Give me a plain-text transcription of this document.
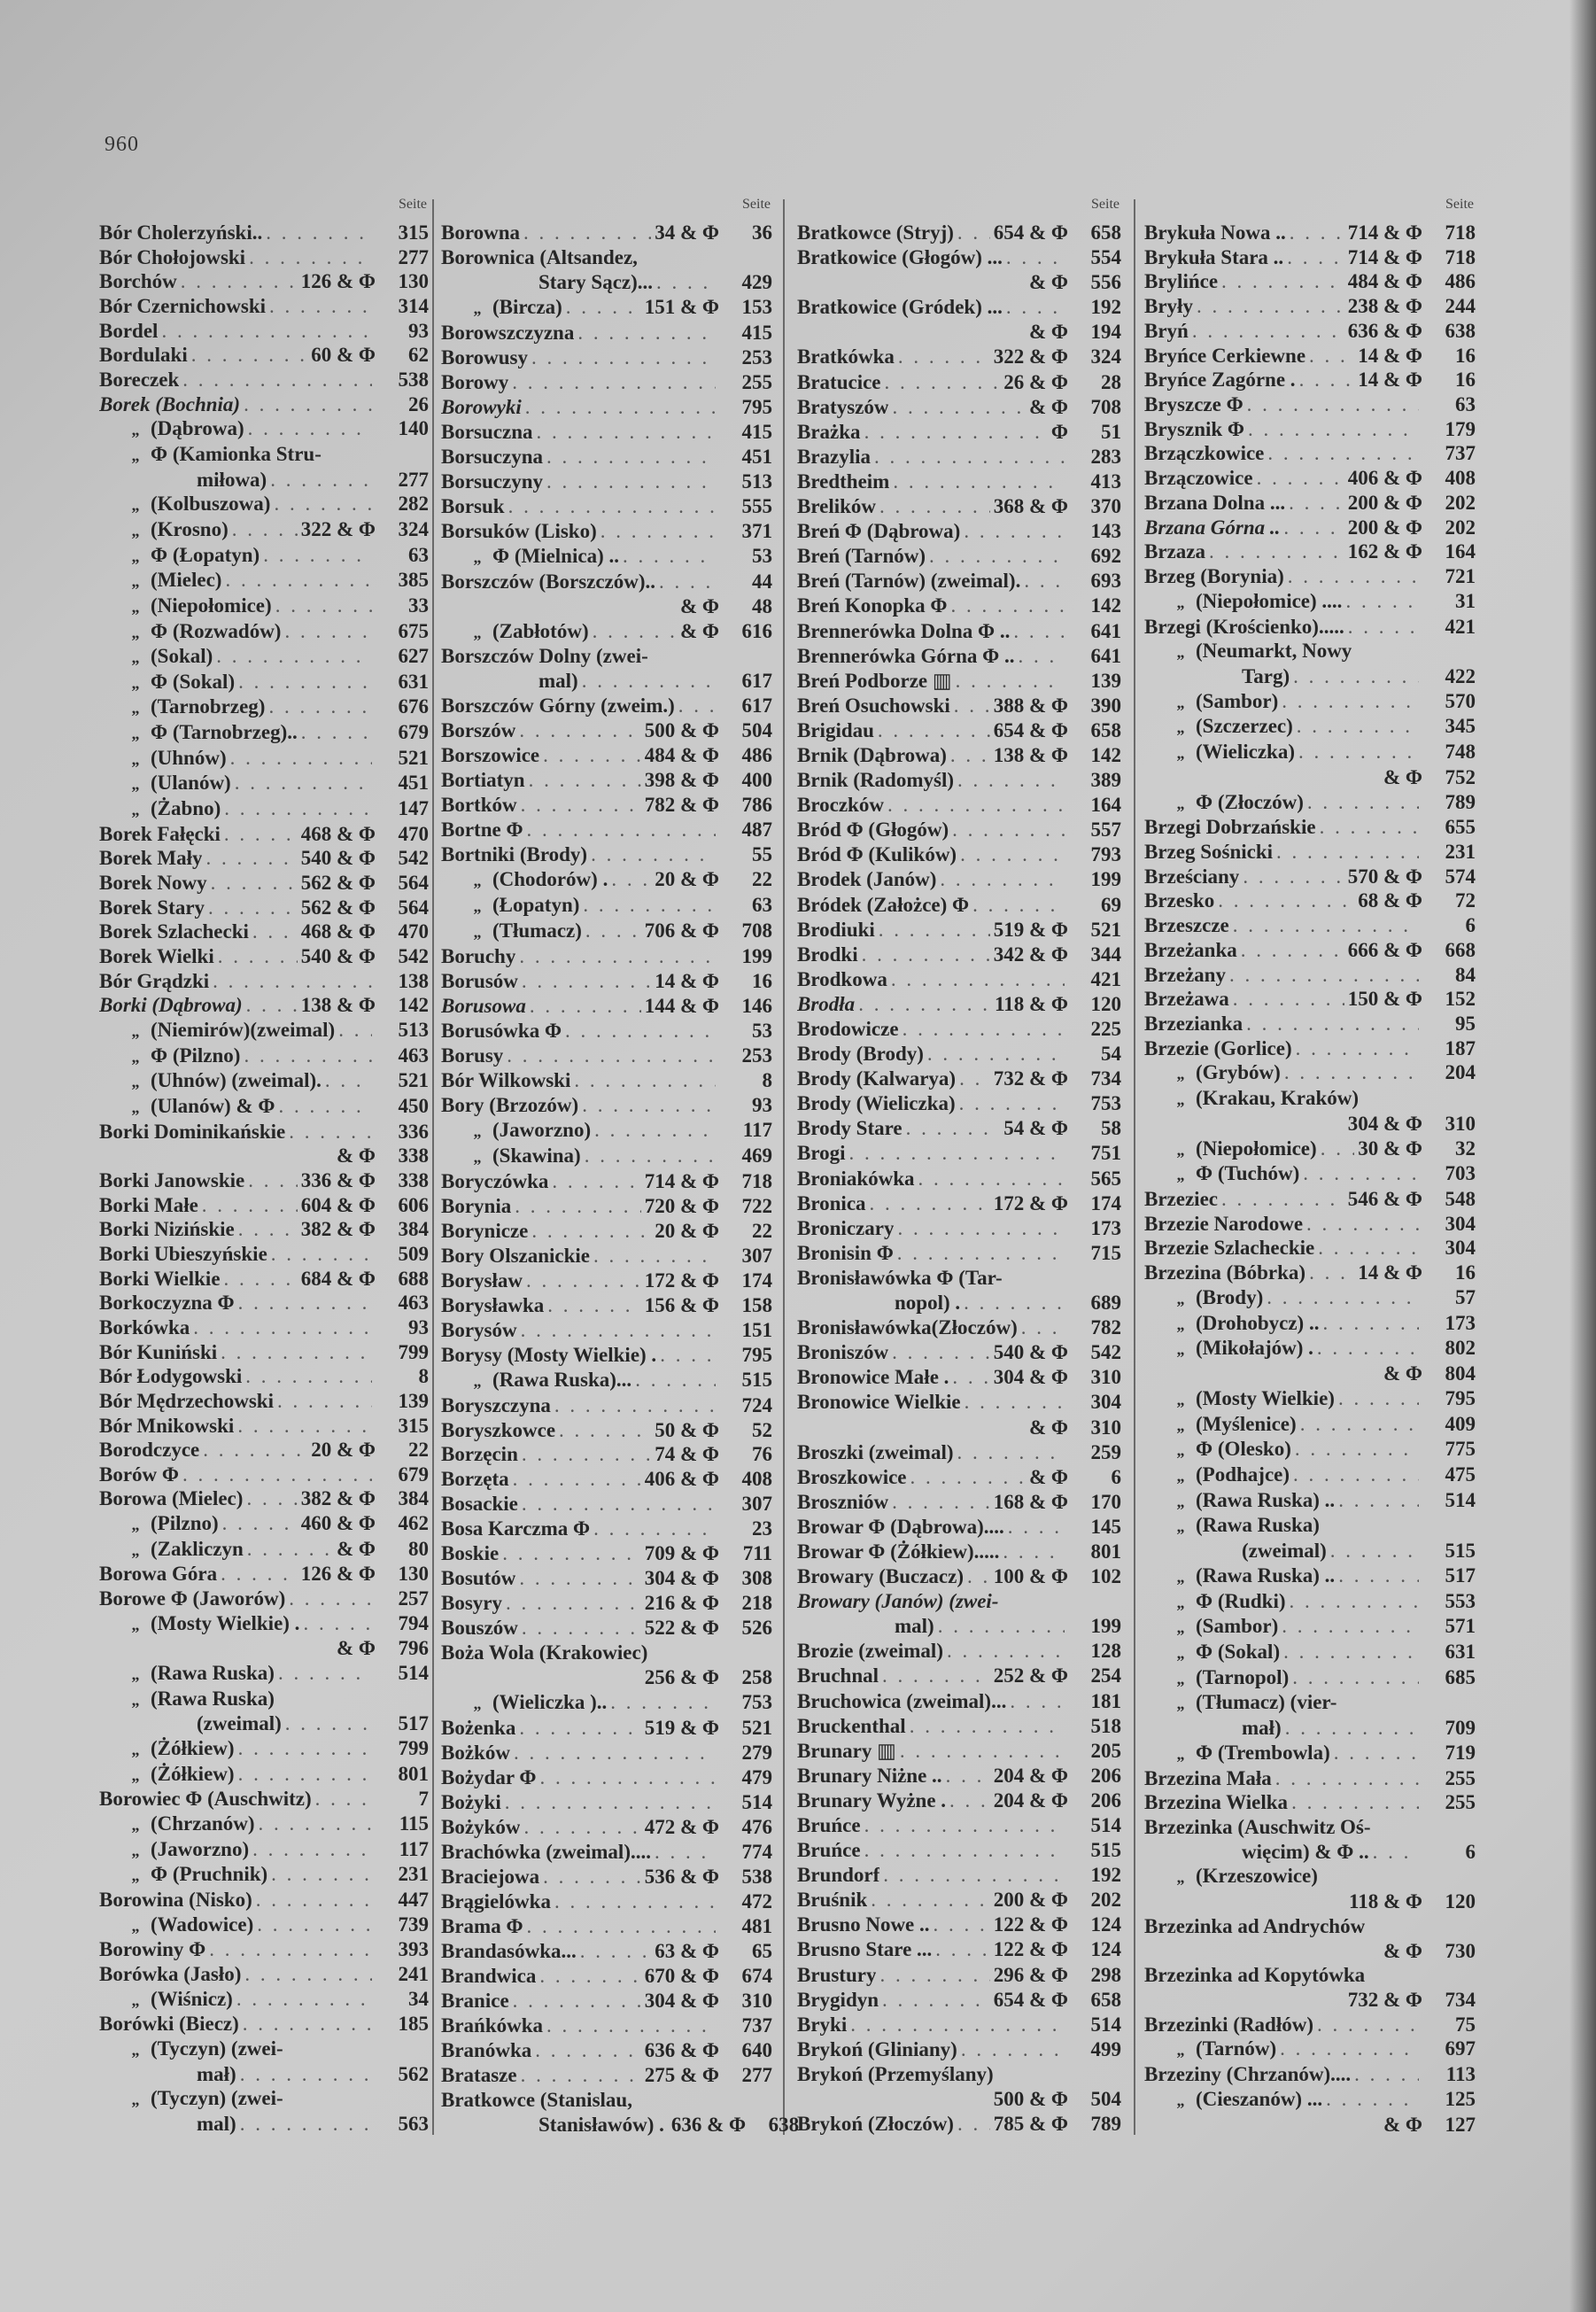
960
Seite
Bór Cholerzyński.. . . .	315
Bór Chołojowski . . .	277
Borchów . . .	126 & Φ	130
Bór Czernichowski . . .	314
Bordel . . .	93
Bordulaki . . .	60 & Φ	62
Boreczek . . .	538
Borek (Bochnia) . . .	26
„ (Dąbrowa) . . .	140
„ Φ (Kamionka Stru-
miłowa) . . .	277
„ (Kolbuszowa) . . .	282
„ (Krosno) . . .	322 & Φ	324
„ Φ (Łopatyn) . . .	63
„ (Mielec) . . .	385
„ (Niepołomice) . . .	33
„ Φ (Rozwadów) . . .	675
„ (Sokal) . . .	627
„ Φ (Sokal) . . .	631
„ (Tarnobrzeg) . . .	676
„ Φ (Tarnobrzeg).. . . .	679
„ (Uhnów) . . .	521
„ (Ulanów) . . .	451
„ (Żabno) . . .	147
Borek Fałęcki . . .	468 & Φ	470
Borek Mały . . .	540 & Φ	542
Borek Nowy . . .	562 & Φ	564
Borek Stary . . .	562 & Φ	564
Borek Szlachecki . . .	468 & Φ	470
Borek Wielki . . .	540 & Φ	542
Bór Grądzki . . .	138
Borki (Dąbrowa) . . .	138 & Φ	142
„ (Niemirów)(zweimal) . . .	513
„ Φ (Pilzno) . . .	463
„ (Uhnów) (zweimal). . . .	521
„ (Ulanów) & Φ . . .	450
Borki Dominikańskie . . .	336
& Φ	338
Borki Janowskie . . .	336 & Φ	338
Borki Małe . . .	604 & Φ	606
Borki Nizińskie . . .	382 & Φ	384
Borki Ubieszyńskie . . .	509
Borki Wielkie . . .	684 & Φ	688
Borkoczyzna Φ . . .	463
Borkówka . . .	93
Bór Kuniński . . .	799
Bór Łodygowski . . .	8
Bór Mędrzechowski . . .	139
Bór Mnikowski . . .	315
Borodczyce . . .	20 & Φ	22
Borów Φ . . .	679
Borowa (Mielec) . . .	382 & Φ	384
„ (Pilzno) . . .	460 & Φ	462
„ (Zakliczyn . . .	& Φ	80
Borowa Góra . . .	126 & Φ	130
Borowe Φ (Jaworów) . . .	257
„ (Mosty Wielkie) . . . .	794
& Φ	796
„ (Rawa Ruska) . . .	514
„ (Rawa Ruska)
(zweimal) . . .	517
„ (Żółkiew) . . .	799
„ (Żółkiew) . . .	801
Borowiec Φ (Auschwitz) . . .	7
„ (Chrzanów) . . .	115
„ (Jaworzno) . . .	117
„ Φ (Pruchnik) . . .	231
Borowina (Nisko) . . .	447
„ (Wadowice) . . .	739
Borowiny Φ . . .	393
Borówka (Jasło) . . .	241
„ (Wiśnicz) . . .	34
Borówki (Biecz) . . .	185
„ (Tyczyn) (zwei-
mał) . . .	562
„ (Tyczyn) (zwei-
mal) . . .	563
Seite
Borowna . . .	34 & Φ	36
Borownica (Altsandez,
Stary Sącz)... . . .	429
„ (Bircza) . . .	151 & Φ	153
Borowszczyzna . . .	415
Borowusy . . .	253
Borowy . . .	255
Borowyki . . .	795
Borsuczna . . .	415
Borsuczyna . . .	451
Borsuczyny . . .	513
Borsuk . . .	555
Borsuków (Lisko) . . .	371
„ Φ (Mielnica) .. . . .	53
Borszczów (Borszczów).. . . .	44
& Φ	48
„ (Zabłotów) . . .	& Φ	616
Borszczów Dolny (zwei-
mal) . . .	617
Borszczów Górny (zweim.) . . .	617
Borszów . . .	500 & Φ	504
Borszowice . . .	484 & Φ	486
Bortiatyn . . .	398 & Φ	400
Bortków . . .	782 & Φ	786
Bortne Φ . . .	487
Bortniki (Brody) . . .	55
„ (Chodorów) . . . . 20 & Φ	22
„ (Łopatyn) . . .	63
„ (Tłumacz) . . .	706 & Φ	708
Boruchy . . .	199
Borusów . . .	14 & Φ	16
Borusowa . . .	144 & Φ	146
Borusówka Φ . . .	53
Borusy . . .	253
Bór Wilkowski . . .	8
Bory (Brzozów) . . .	93
„ (Jaworzno) . . .	117
„ (Skawina) . . .	469
Boryczówka . . .	714 & Φ	718
Borynia . . .	720 & Φ	722
Borynicze . . .	20 & Φ	22
Bory Olszanickie . . .	307
Borysław . . .	172 & Φ	174
Borysławka . . .	156 & Φ	158
Borysów . . .	151
Borysy (Mosty Wielkie) . . . .	795
„ (Rawa Ruska)... . . .	515
Boryszczyna . . .	724
Boryszkowce . . .	50 & Φ	52
Borzęcin . . .	74 & Φ	76
Borzęta . . .	406 & Φ	408
Bosackie . . .	307
Bosa Karczma Φ . . .	23
Boskie . . .	709 & Φ	711
Bosutów . . .	304 & Φ	308
Bosyry . . .	216 & Φ	218
Bouszów . . .	522 & Φ	526
Boża Wola (Krakowiec)
256 & Φ	258
„ (Wieliczka ).. . . .	753
Bożenka . . .	519 & Φ	521
Bożków . . .	279
Bożydar Φ . . .	479
Bożyki . . .	514
Bożyków . . .	472 & Φ	476
Brachówka (zweimal).... . . .	774
Braciejowa . . .	536 & Φ	538
Brągielówka . . .	472
Brama Φ . . .	481
Brandasówka... . . .	63 & Φ	65
Brandwica . . .	670 & Φ	674
Branice . . .	304 & Φ	310
Brańkówka . . .	737
Branówka . . .	636 & Φ	640
Bratasze . . .	275 & Φ	277
Bratkowce (Stanislau,
Stanisławów) . 636 & Φ	638
Seite
Bratkowce (Stryj) . . . 654 & Φ	658
Bratkowice (Głogów) ... . . .	554
& Φ	556
Bratkowice (Gródek) ... . . .	192
& Φ	194
Bratkówka . . .	322 & Φ	324
Bratucice . . .	26 & Φ	28
Bratyszów . . .	& Φ	708
Brażka . . .	Φ	51
Brazylia . . .	283
Bredtheim . . .	413
Brelików . . .	368 & Φ	370
Breń Φ (Dąbrowa) . . .	143
Breń (Tarnów) . . .	692
Breń (Tarnów) (zweimal). . . .	693
Breń Konopka Φ . . .	142
Brennerówka Dolna Φ .. . . .	641
Brennerówka Górna Φ .. . . .	641
Breń Podborze ▥ . . .	139
Breń Osuchowski . . . 388 & Φ	390
Brigidau . . .	654 & Φ	658
Brnik (Dąbrowa) . . . 138 & Φ	142
Brnik (Radomyśl) . . .	389
Broczków . . .	164
Bród Φ (Głogów) . . .	557
Bród Φ (Kulików) . . .	793
Brodek (Janów) . . .	199
Bródek (Założce) Φ . . .	69
Brodiuki . . .	519 & Φ	521
Brodki . . .	342 & Φ	344
Brodkowa . . .	421
Brodła . . .	118 & Φ	120
Brodowicze . . .	225
Brody (Brody) . . .	54
Brody (Kalwarya) . . . 732 & Φ	734
Brody (Wieliczka) . . .	753
Brody Stare . . .	54 & Φ	58
Brogi . . .	751
Broniakówka . . .	565
Bronica . . .	172 & Φ	174
Broniczary . . .	173
Bronisin Φ . . .	715
Bronisławówka Φ (Tar-
nopol) . . . .	689
Bronisławówka(Złoczów) . . .	782
Broniszów . . .	540 & Φ	542
Bronowice Małe . . . . 304 & Φ	310
Bronowice Wielkie . . .	304
& Φ	310
Broszki (zweimal) . . .	259
Broszkowice . . .	& Φ	6
Broszniów . . .	168 & Φ	170
Browar Φ (Dąbrowa).... . . .	145
Browar Φ (Żółkiew)..... . . .	801
Browary (Buczacz) . . . 100 & Φ	102
Browary (Janów) (zwei-
mal) . . .	199
Brozie (zweimal) . . .	128
Bruchnal . . .	252 & Φ	254
Bruchowica (zweimal)... . . .	181
Bruckenthal . . .	518
Brunary ▥ . . .	205
Brunary Niżne .. . . .	204 & Φ	206
Brunary Wyżne . . . . 204 & Φ	206
Bruńce . . .	514
Bruńce . . .	515
Brundorf . . .	192
Bruśnik . . .	200 & Φ	202
Brusno Nowe .. . . .	122 & Φ	124
Brusno Stare ... . . .	122 & Φ	124
Brustury . . .	296 & Φ	298
Brygidyn . . .	654 & Φ	658
Bryki . . .	514
Brykoń (Gliniany) . . .	499
Brykoń (Przemyślany)
500 & Φ	504
Brykoń (Złoczów) . . . 785 & Φ	789
Seite
Brykuła Nowa .. . . .	714 & Φ	718
Brykuła Stara .. . . .	714 & Φ	718
Brylińce . . .	484 & Φ	486
Bryły . . .	238 & Φ	244
Bryń . . .	636 & Φ	638
Bryńce Cerkiewne . . .	14 & Φ	16
Bryńce Zagórne . . . .	14 & Φ	16
Bryszcze Φ . . .	63
Brysznik Φ . . .	179
Brzączkowice . . .	737
Brzączowice . . .	406 & Φ	408
Brzana Dolna ... . . .	200 & Φ	202
Brzana Górna .. . . .	200 & Φ	202
Brzaza . . .	162 & Φ	164
Brzeg (Borynia) . . .	721
„ (Niepołomice) .... . . .	31
Brzegi (Krościenko)..... . . .	421
„ (Neumarkt, Nowy
Targ) . . .	422
„ (Sambor) . . .	570
„ (Szczerzec) . . .	345
„ (Wieliczka) . . .	748
& Φ	752
„ Φ (Złoczów) . . .	789
Brzegi Dobrzańskie . . .	655
Brzeg Sośnicki . . .	231
Brześciany . . .	570 & Φ	574
Brzesko . . .	68 & Φ	72
Brzeszcze . . .	6
Brzeżanka . . .	666 & Φ	668
Brzeżany . . .	84
Brzeżawa . . .	150 & Φ	152
Brzezianka . . .	95
Brzezie (Gorlice) . . .	187
„ (Grybów) . . .	204
„ (Krakau, Kraków)
304 & Φ	310
„ (Niepołomice) . . . 30 & Φ	32
„ Φ (Tuchów) . . .	703
Brzeziec . . .	546 & Φ	548
Brzezie Narodowe . . .	304
Brzezie Szlacheckie . . .	304
Brzezina (Bóbrka) . . .	14 & Φ	16
„ (Brody) . . .	57
„ (Drohobycz) .. . . .	173
„ (Mikołajów) . . . .	802
& Φ	804
„ (Mosty Wielkie) . . .	795
„ (Myślenice) . . .	409
„ Φ (Olesko) . . .	775
„ (Podhajce) . . .	475
„ (Rawa Ruska) .. . . .	514
„ (Rawa Ruska)
(zweimal) . . .	515
„ (Rawa Ruska) .. . . .	517
„ Φ (Rudki) . . .	553
„ (Sambor) . . .	571
„ Φ (Sokal) . . .	631
„ (Tarnopol) . . .	685
„ (Tłumacz) (vier-
mał) . . .	709
„ Φ (Trembowla) . . .	719
Brzezina Mała . . .	255
Brzezina Wielka . . .	255
Brzezinka (Auschwitz Oś-
więcim) & Φ .. . . .	6
„ (Krzeszowice)
118 & Φ	120
Brzezinka ad Andrychów
& Φ	730
Brzezinka ad Kopytówka
732 & Φ	734
Brzezinki (Radłów) . . .	75
„ (Tarnów) . . .	697
Brzeziny (Chrzanów).... . . .	113
„ (Cieszanów) ... . . .	125
& Φ	127
